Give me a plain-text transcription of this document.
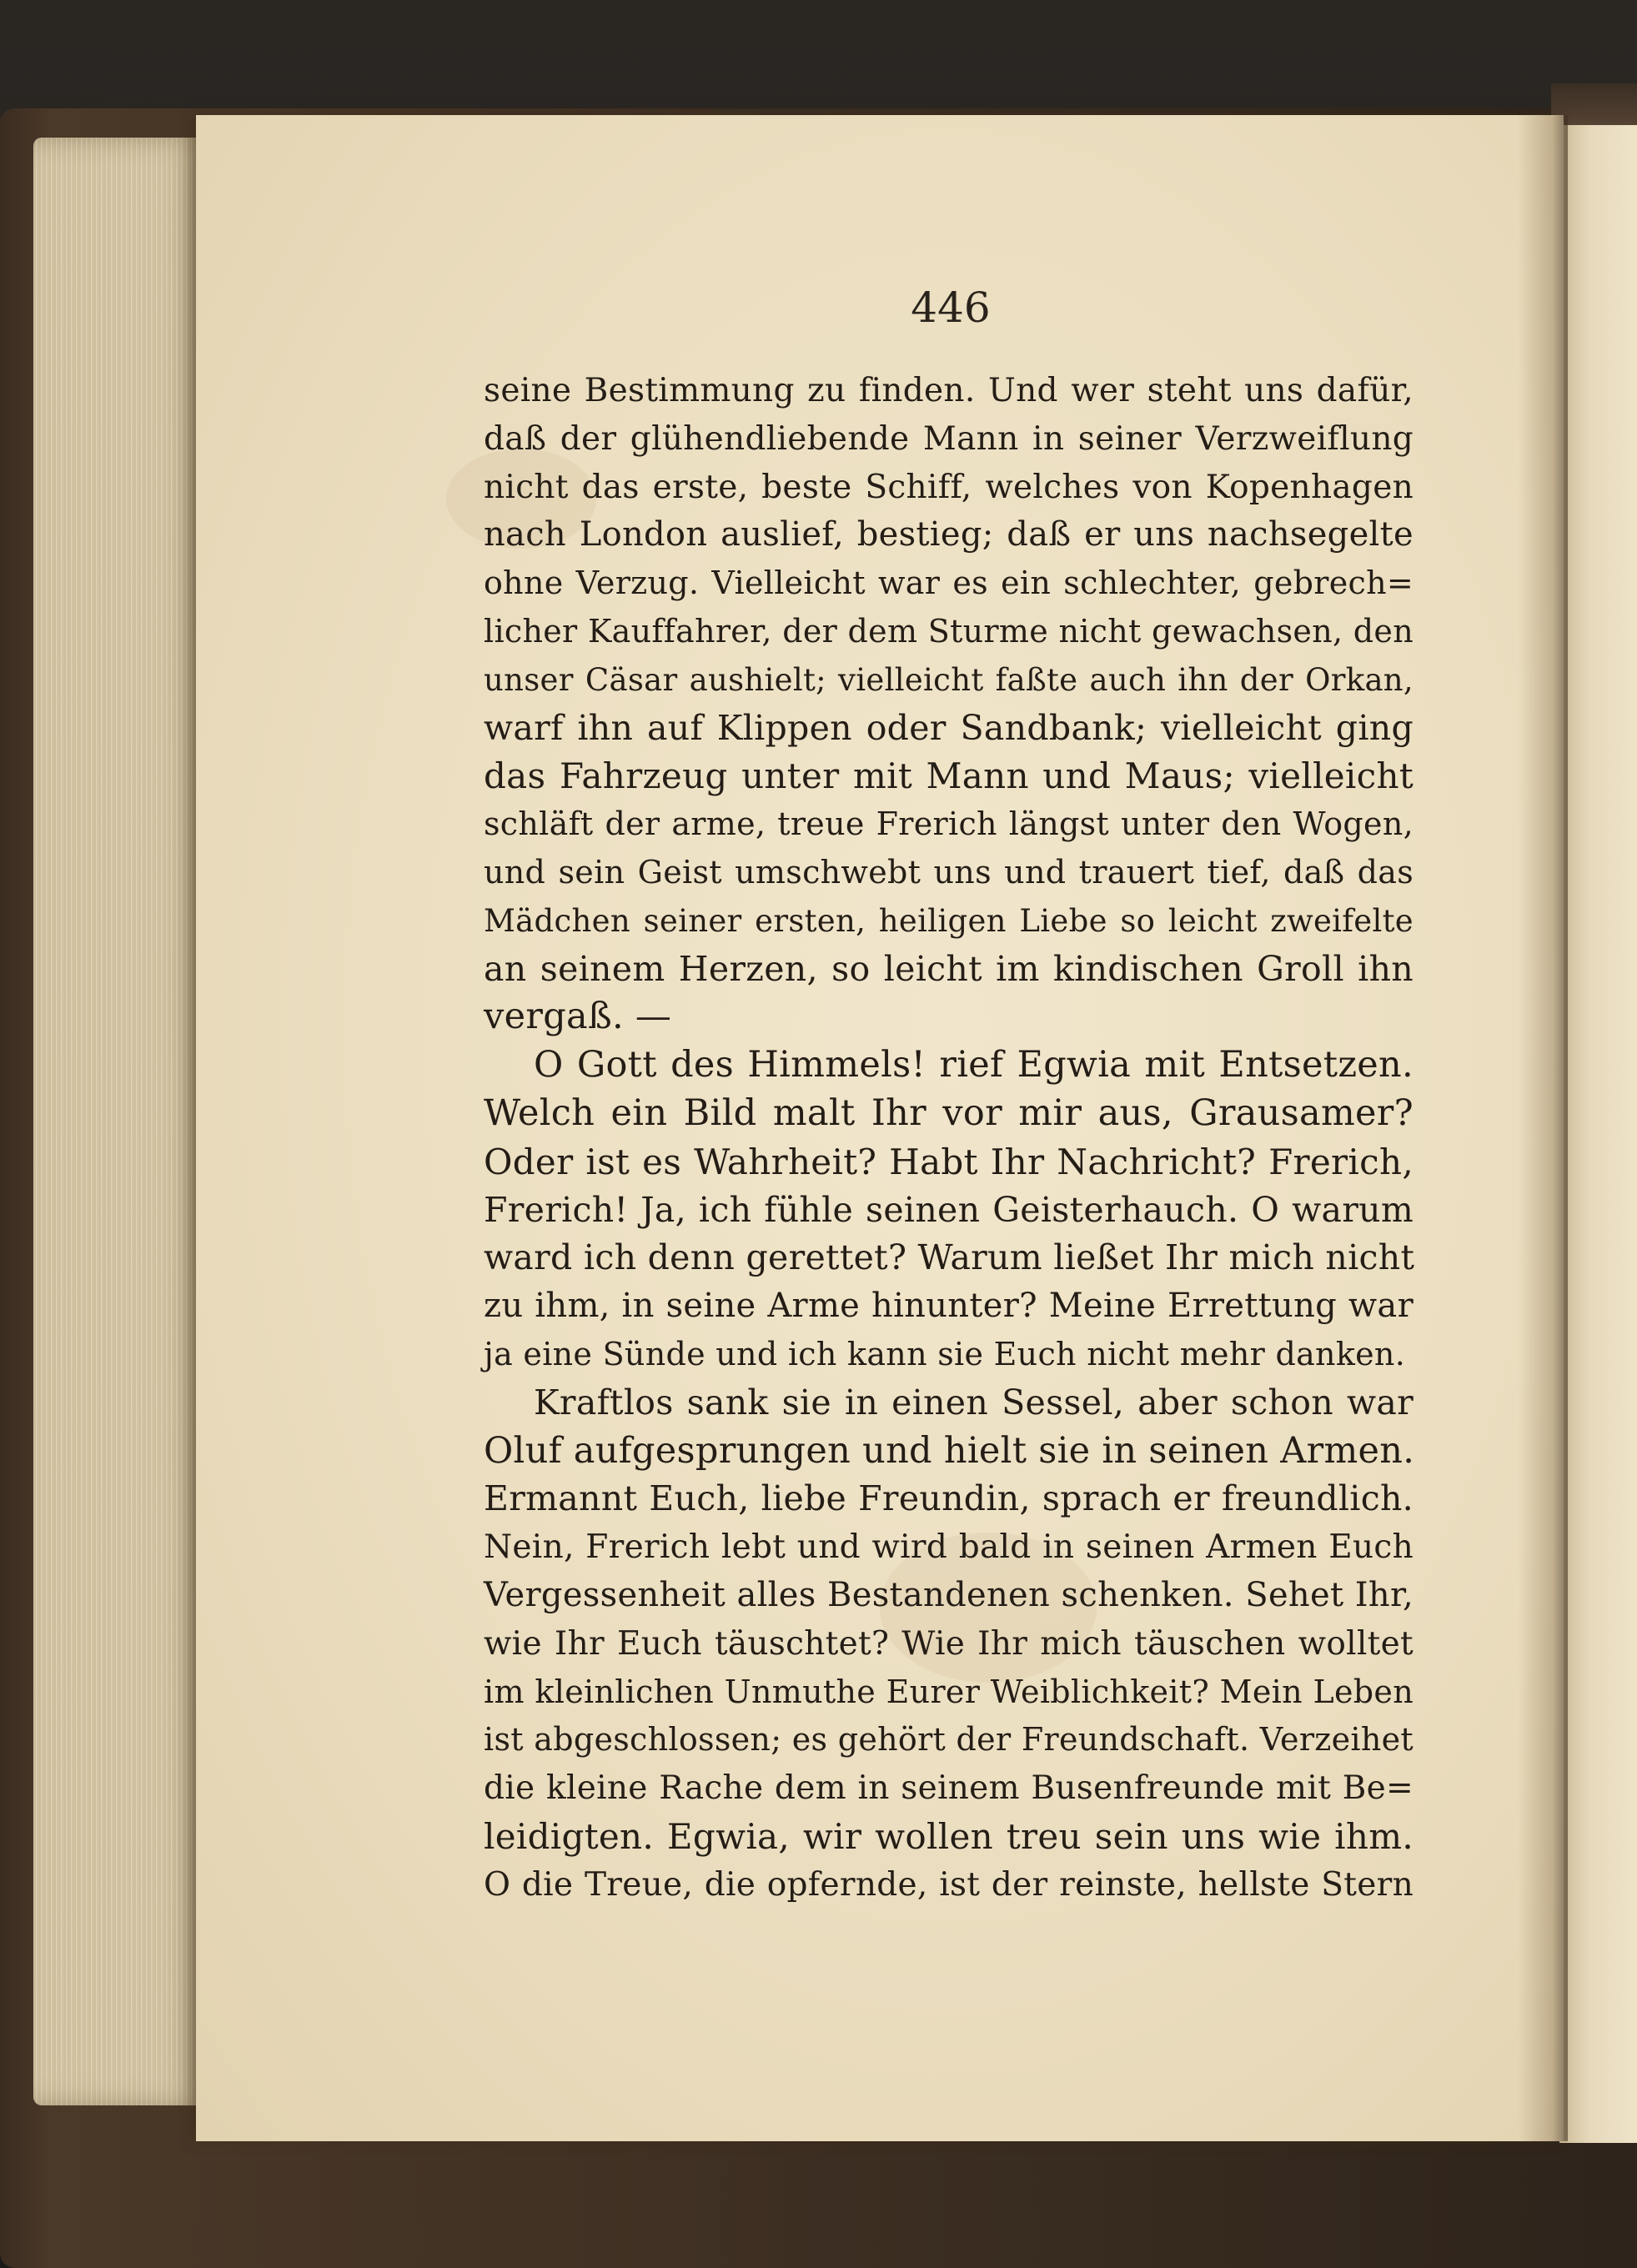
446
seine Bestimmung zu finden. Und wer steht uns dafür,
daß der glühendliebende Mann in seiner Verzweiflung
nicht das erste, beste Schiff, welches von Kopenhagen
nach London auslief, bestieg; daß er uns nachsegelte
ohne Verzug. Vielleicht war es ein schlechter, gebrech=
licher Kauffahrer, der dem Sturme nicht gewachsen, den
unser Cäsar aushielt; vielleicht faßte auch ihn der Orkan,
warf ihn auf Klippen oder Sandbank; vielleicht ging
das Fahrzeug unter mit Mann und Maus; vielleicht
schläft der arme, treue Frerich längst unter den Wogen,
und sein Geist umschwebt uns und trauert tief, daß das
Mädchen seiner ersten, heiligen Liebe so leicht zweifelte
an seinem Herzen, so leicht im kindischen Groll ihn
vergaß. —
O Gott des Himmels! rief Egwia mit Entsetzen.
Welch ein Bild malt Ihr vor mir aus, Grausamer?
Oder ist es Wahrheit? Habt Ihr Nachricht? Frerich,
Frerich! Ja, ich fühle seinen Geisterhauch. O warum
ward ich denn gerettet? Warum ließet Ihr mich nicht
zu ihm, in seine Arme hinunter? Meine Errettung war
ja eine Sünde und ich kann sie Euch nicht mehr danken.
Kraftlos sank sie in einen Sessel, aber schon war
Oluf aufgesprungen und hielt sie in seinen Armen.
Ermannt Euch, liebe Freundin, sprach er freundlich.
Nein, Frerich lebt und wird bald in seinen Armen Euch
Vergessenheit alles Bestandenen schenken. Sehet Ihr,
wie Ihr Euch täuschtet? Wie Ihr mich täuschen wolltet
im kleinlichen Unmuthe Eurer Weiblichkeit? Mein Leben
ist abgeschlossen; es gehört der Freundschaft. Verzeihet
die kleine Rache dem in seinem Busenfreunde mit Be=
leidigten. Egwia, wir wollen treu sein uns wie ihm.
O die Treue, die opfernde, ist der reinste, hellste Stern
